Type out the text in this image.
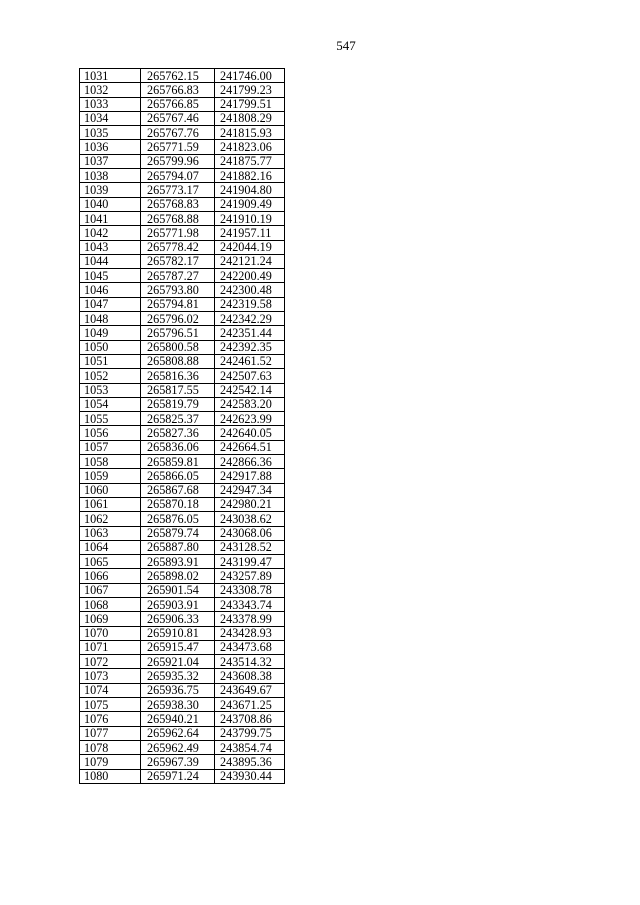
547
1031	265762.15	241746.00
1032	265766.83	241799.23
1033	265766.85	241799.51
1034	265767.46	241808.29
1035	265767.76	241815.93
1036	265771.59	241823.06
1037	265799.96	241875.77
1038	265794.07	241882.16
1039	265773.17	241904.80
1040	265768.83	241909.49
1041	265768.88	241910.19
1042	265771.98	241957.11
1043	265778.42	242044.19
1044	265782.17	242121.24
1045	265787.27	242200.49
1046	265793.80	242300.48
1047	265794.81	242319.58
1048	265796.02	242342.29
1049	265796.51	242351.44
1050	265800.58	242392.35
1051	265808.88	242461.52
1052	265816.36	242507.63
1053	265817.55	242542.14
1054	265819.79	242583.20
1055	265825.37	242623.99
1056	265827.36	242640.05
1057	265836.06	242664.51
1058	265859.81	242866.36
1059	265866.05	242917.88
1060	265867.68	242947.34
1061	265870.18	242980.21
1062	265876.05	243038.62
1063	265879.74	243068.06
1064	265887.80	243128.52
1065	265893.91	243199.47
1066	265898.02	243257.89
1067	265901.54	243308.78
1068	265903.91	243343.74
1069	265906.33	243378.99
1070	265910.81	243428.93
1071	265915.47	243473.68
1072	265921.04	243514.32
1073	265935.32	243608.38
1074	265936.75	243649.67
1075	265938.30	243671.25
1076	265940.21	243708.86
1077	265962.64	243799.75
1078	265962.49	243854.74
1079	265967.39	243895.36
1080	265971.24	243930.44
